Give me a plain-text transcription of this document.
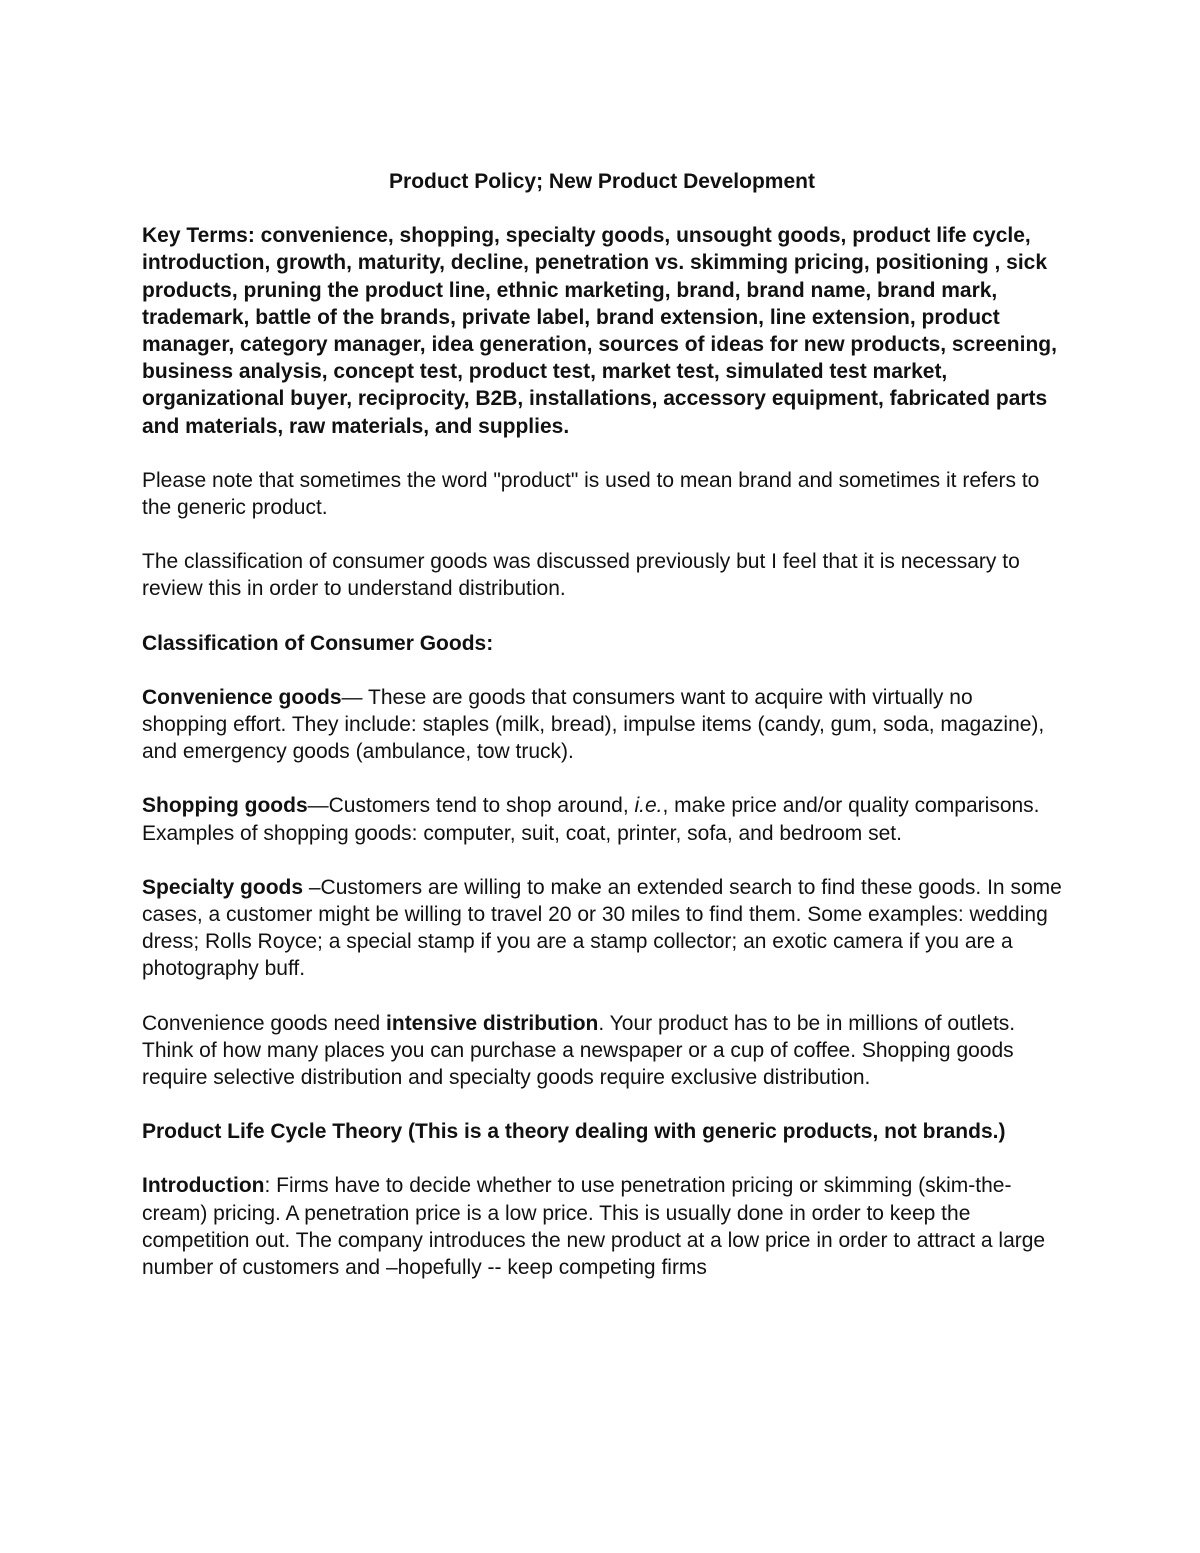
Product Policy; New Product Development

Key Terms: convenience, shopping, specialty goods, unsought goods, product life cycle, introduction, growth, maturity, decline, penetration vs. skimming pricing, positioning , sick products, pruning the product line, ethnic marketing, brand, brand name, brand mark, trademark, battle of the brands, private label, brand extension, line extension, product manager, category manager, idea generation, sources of ideas for new products, screening, business analysis, concept test, product test, market test, simulated test market, organizational buyer, reciprocity, B2B, installations, accessory equipment, fabricated parts and materials, raw materials, and supplies.

Please note that sometimes the word "product" is used to mean brand and sometimes it refers to the generic product.

The classification of consumer goods was discussed previously but I feel that it is necessary to review this in order to understand distribution.

Classification of Consumer Goods:

Convenience goods— These are goods that consumers want to acquire with virtually no shopping effort. They include: staples (milk, bread), impulse items (candy, gum, soda, magazine), and emergency goods (ambulance, tow truck).

Shopping goods—Customers tend to shop around, i.e., make price and/or quality comparisons. Examples of shopping goods: computer, suit, coat, printer, sofa, and bedroom set.

Specialty goods –Customers are willing to make an extended search to find these goods. In some cases, a customer might be willing to travel 20 or 30 miles to find them. Some examples: wedding dress; Rolls Royce; a special stamp if you are a stamp collector; an exotic camera if you are a photography buff.

Convenience goods need intensive distribution. Your product has to be in millions of outlets. Think of how many places you can purchase a newspaper or a cup of coffee. Shopping goods require selective distribution and specialty goods require exclusive distribution.

Product Life Cycle Theory (This is a theory dealing with generic products, not brands.)

Introduction: Firms have to decide whether to use penetration pricing or skimming (skim-the-cream) pricing. A penetration price is a low price. This is usually done in order to keep the competition out. The company introduces the new product at a low price in order to attract a large number of customers and –hopefully -- keep competing firms
